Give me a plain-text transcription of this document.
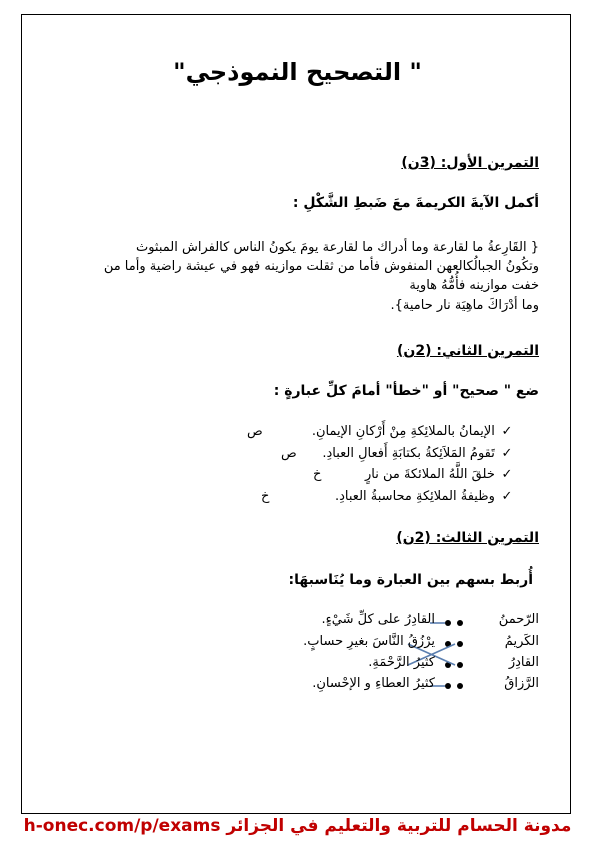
" التصحيح النموذجي"
التمرين الأول: (3ن)
أكمل الآيةَ الكريمةَ معَ ضَبطِ الشَّكْلِ :
{ القَارِعةُ ما لقارعة وما أدراك ما لقارعة يومَ يكونُ الناس كالفراش المبثوث
وتكُونُ الجبالُكالعهن المنفوش فأما من ثقلت موازينه فهو في عيشة راضية وأما من
خفت موازينه فأُمُّهُ هاوية
وما أدْرَاكَ ماهِيَة نار حامية}.
التمرين الثاني: (2ن)
ضع " صحيح" أو "خطأ" أمامَ كلِّ عبارةٍ :
✓ الإيمانُ بالملائِكةِ مِنْ أَرْكانِ الإيمانِ.
ص
✓ تَقومُ المَلاَئِكةُ بكتابَةِ أَفعالِ العبادِ.
ص
✓ خلقَ اللَّهُ الملائكةَ من نارٍ
خ
✓ وظيفةُ الملائِكةِ محاسبةُ العبادِ.
خ
التمرين الثالث: (2ن)
أُربط بسهم بين العبارة وما يُنَاسبهَا:
الرّحمنُ
الكَريمُ
القادِرُ
الرَّزاقُ
القادِرُ على كلِّ شَيْءٍ.
يرْزُقُ النَّاسَ بغيرِ حسابٍ.
كثيرُ الرَّحْمَةِ.
كثيرُ العطاءِ و الإحْسانِ.
مدونة الحسام للتربية والتعليم في الجزائر h-onec.com/p/exams
